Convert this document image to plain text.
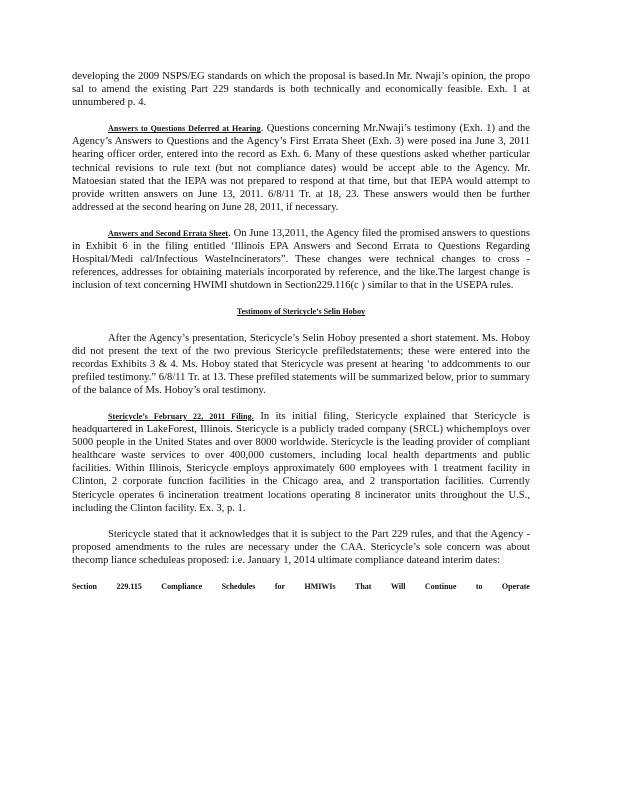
developing the 2009 NSPS/EG standards on which the proposal is based.In Mr. Nwaji’s opinion, the propo sal to amend the existing Part 229 standards is both technically and economically feasible. Exh. 1 at unnumbered p. 4.

Answers to Questions Deferred at Hearing. Questions concerning Mr.Nwaji’s testimony (Exh. 1) and the Agency’s Answers to Questions and the Agency’s First Errata Sheet (Exh. 3) were posed ina June 3, 2011 hearing officer order, entered into the record as Exh. 6. Many of these questions asked whether particular technical revisions to rule text (but not compliance dates) would be accept able to the Agency. Mr. Matoesian stated that the IEPA was not prepared to respond at that time, but that IEPA would attempt to provide written answers on June 13, 2011. 6/8/11 Tr. at 18, 23. These answers would then be further addressed at the second hearing on June 28, 2011, if necessary.

Answers and Second Errata Sheet. On June 13,2011, the Agency filed the promised answers to questions in Exhibit 6 in the filing entitled ‘Illinois EPA Answers and Second Errata to Questions Regarding Hospital/Medi cal/Infectious WasteIncinerators”. These changes were technical changes to cross -references, addresses for obtaining materials incorporated by reference, and the like.The largest change is inclusion of text concerning HWIMI shutdown in Section229.116(c ) similar to that in the USEPA rules.

Testimony of Stericycle’s Selin Hoboy

After the Agency’s presentation, Stericycle’s Selin Hoboy presented a short statement. Ms. Hoboy did not present the text of the two previous Stericycle prefiledstatements; these were entered into the recordas Exhibits 3 & 4. Ms. Hoboy stated that Stericycle was present at hearing ‘to addcomments to our prefiled testimony.” 6/8/11 Tr. at 13. These prefiled statements will be summarized below, prior to summary of the balance of Ms. Hoboy’s oral testimony.

Stericycle’s February 22, 2011 Filing. In its initial filing, Stericycle explained that Stericycle is headquartered in LakeForest, Illinois. Stericycle is a publicly traded company (SRCL) whichemploys over 5000 people in the United States and over 8000 worldwide. Stericycle is the leading provider of compliant healthcare waste services to over 400,000 customers, including local health departments and public facilities. Within Illinois, Stericycle employs approximately 600 employees with 1 treatment facility in Clinton, 2 corporate function facilities in the Chicago area, and 2 transportation facilities. Currently Stericycle operates 6 incineration treatment locations operating 8 incinerator units throughout the U.S., including the Clinton facility. Ex. 3, p. 1.

Stericycle stated that it acknowledges that it is subject to the Part 229 rules, and that the Agency -proposed amendments to the rules are necessary under the CAA. Stericycle’s sole concern was about thecomp liance scheduleas proposed: i.e. January 1, 2014 ultimate compliance dateand interim dates:

Section 229.115 Compliance Schedules for HMIWIs That Will Continue to Operate
